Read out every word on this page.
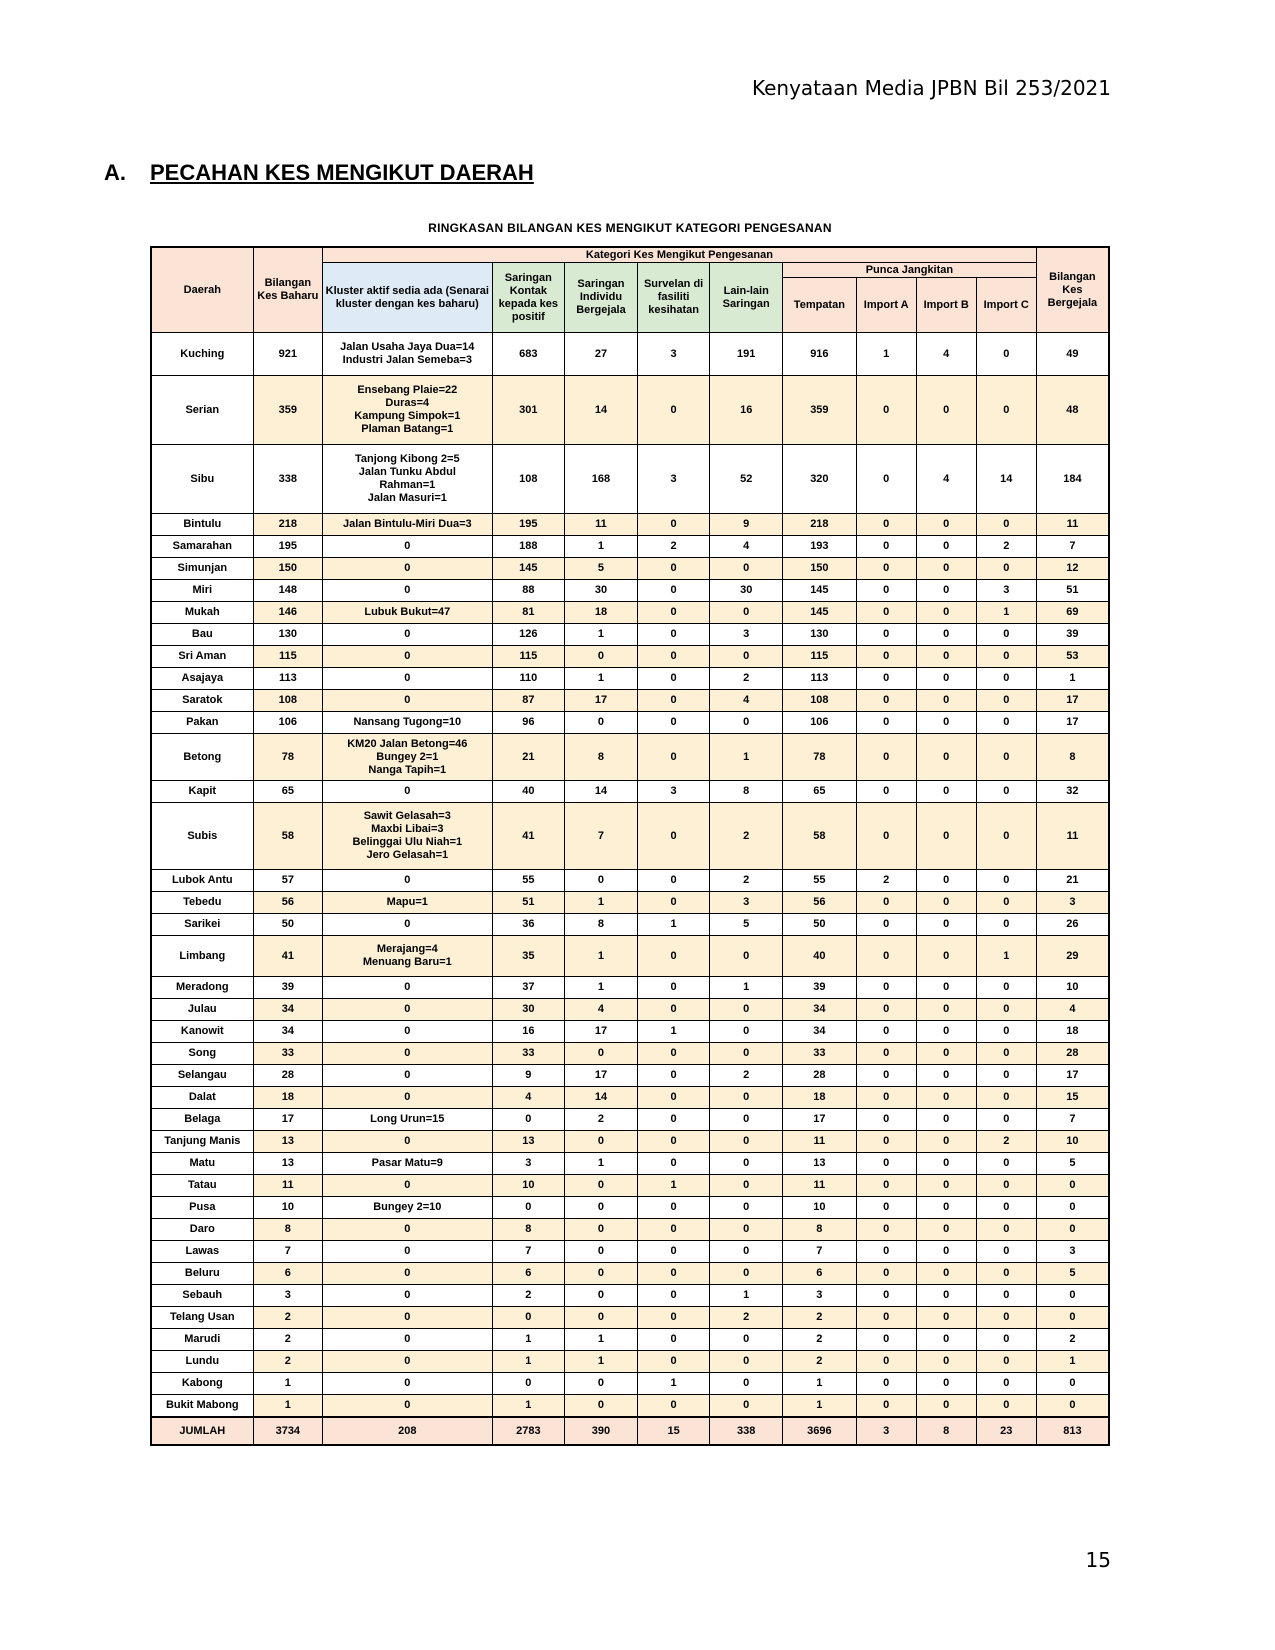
Kenyataan Media JPBN Bil 253/2021
A. PECAHAN KES MENGIKUT DAERAH
RINGKASAN BILANGAN KES MENGIKUT KATEGORI PENGESANAN
Daerah	Bilangan Kes Baharu	Kategori Kes Mengikut Pengesanan									Bilangan Kes Bergejala
		Kluster aktif sedia ada (Senarai kluster dengan kes baharu)	Saringan Kontak kepada kes positif	Saringan Individu Bergejala	Survelan di fasiliti kesihatan	Lain-lain Saringan	Punca Jangkitan				
							Tempatan	Import A	Import B	Import C	
Kuching	921	Jalan Usaha Jaya Dua=14
Industri Jalan Semeba=3	683	27	3	191	916	1	4	0	49
Serian	359	Ensebang Plaie=22
Duras=4
Kampung Simpok=1
Plaman Batang=1	301	14	0	16	359	0	0	0	48
Sibu	338	Tanjong Kibong 2=5
Jalan Tunku Abdul
Rahman=1
Jalan Masuri=1	108	168	3	52	320	0	4	14	184
Bintulu	218	Jalan Bintulu-Miri Dua=3	195	11	0	9	218	0	0	0	11
Samarahan	195	0	188	1	2	4	193	0	0	2	7
Simunjan	150	0	145	5	0	0	150	0	0	0	12
Miri	148	0	88	30	0	30	145	0	0	3	51
Mukah	146	Lubuk Bukut=47	81	18	0	0	145	0	0	1	69
Bau	130	0	126	1	0	3	130	0	0	0	39
Sri Aman	115	0	115	0	0	0	115	0	0	0	53
Asajaya	113	0	110	1	0	2	113	0	0	0	1
Saratok	108	0	87	17	0	4	108	0	0	0	17
Pakan	106	Nansang Tugong=10	96	0	0	0	106	0	0	0	17
Betong	78	KM20 Jalan Betong=46
Bungey 2=1
Nanga Tapih=1	21	8	0	1	78	0	0	0	8
Kapit	65	0	40	14	3	8	65	0	0	0	32
Subis	58	Sawit Gelasah=3
Maxbi Libai=3
Belinggai Ulu Niah=1
Jero Gelasah=1	41	7	0	2	58	0	0	0	11
Lubok Antu	57	0	55	0	0	2	55	2	0	0	21
Tebedu	56	Mapu=1	51	1	0	3	56	0	0	0	3
Sarikei	50	0	36	8	1	5	50	0	0	0	26
Limbang	41	Merajang=4
Menuang Baru=1	35	1	0	0	40	0	0	1	29
Meradong	39	0	37	1	0	1	39	0	0	0	10
Julau	34	0	30	4	0	0	34	0	0	0	4
Kanowit	34	0	16	17	1	0	34	0	0	0	18
Song	33	0	33	0	0	0	33	0	0	0	28
Selangau	28	0	9	17	0	2	28	0	0	0	17
Dalat	18	0	4	14	0	0	18	0	0	0	15
Belaga	17	Long Urun=15	0	2	0	0	17	0	0	0	7
Tanjung Manis	13	0	13	0	0	0	11	0	0	2	10
Matu	13	Pasar Matu=9	3	1	0	0	13	0	0	0	5
Tatau	11	0	10	0	1	0	11	0	0	0	0
Pusa	10	Bungey 2=10	0	0	0	0	10	0	0	0	0
Daro	8	0	8	0	0	0	8	0	0	0	0
Lawas	7	0	7	0	0	0	7	0	0	0	3
Beluru	6	0	6	0	0	0	6	0	0	0	5
Sebauh	3	0	2	0	0	1	3	0	0	0	0
Telang Usan	2	0	0	0	0	2	2	0	0	0	0
Marudi	2	0	1	1	0	0	2	0	0	0	2
Lundu	2	0	1	1	0	0	2	0	0	0	1
Kabong	1	0	0	0	1	0	1	0	0	0	0
Bukit Mabong	1	0	1	0	0	0	1	0	0	0	0
JUMLAH	3734	208	2783	390	15	338	3696	3	8	23	813
15
